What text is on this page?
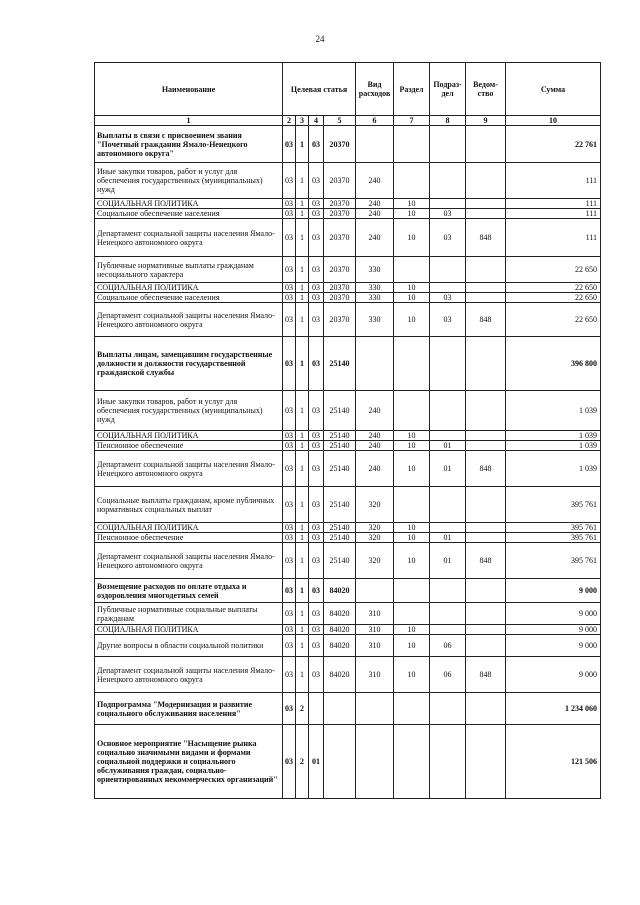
24
Наименование	Целевая статья				Вид расходов	Раздел	Подраз-дел	Ведом-ство	Сумма
1	2	3	4	5	6	7	8	9	10
Выплаты в связи с присвоением звания "Почетный гражданин Ямало-Ненецкого автономного округа"	03	1	03	20370					22 761
Иные закупки товаров, работ и услуг для обеспечения государственных (муниципальных) нужд	03	1	03	20370	240				111
СОЦИАЛЬНАЯ ПОЛИТИКА	03	1	03	20370	240	10			111
Социальное обеспечение населения	03	1	03	20370	240	10	03		111
Департамент социальной защиты населения Ямало-Ненецкого автономного округа	03	1	03	20370	240	10	03	848	111
Публичные нормативные выплаты гражданам несоциального характера	03	1	03	20370	330				22 650
СОЦИАЛЬНАЯ ПОЛИТИКА	03	1	03	20370	330	10			22 650
Социальное обеспечение населения	03	1	03	20370	330	10	03		22 650
Департамент социальной защиты населения Ямало-Ненецкого автономного округа	03	1	03	20370	330	10	03	848	22 650
Выплаты лицам, замещавшим государственные должности и должности государственной гражданской службы	03	1	03	25140					396 800
Иные закупки товаров, работ и услуг для обеспечения государственных (муниципальных) нужд	03	1	03	25140	240				1 039
СОЦИАЛЬНАЯ ПОЛИТИКА	03	1	03	25140	240	10			1 039
Пенсионное обеспечение	03	1	03	25140	240	10	01		1 039
Департамент социальной защиты населения Ямало-Ненецкого автономного округа	03	1	03	25140	240	10	01	848	1 039
Социальные выплаты гражданам, кроме публичных нормативных социальных выплат	03	1	03	25140	320				395 761
СОЦИАЛЬНАЯ ПОЛИТИКА	03	1	03	25140	320	10			395 761
Пенсионное обеспечение	03	1	03	25140	320	10	01		395 761
Департамент социальной защиты населения Ямало-Ненецкого автономного округа	03	1	03	25140	320	10	01	848	395 761
Возмещение расходов по оплате отдыха и оздоровления многодетных семей	03	1	03	84020					9 000
Публичные нормативные социальные выплаты гражданам	03	1	03	84020	310				9 000
СОЦИАЛЬНАЯ ПОЛИТИКА	03	1	03	84020	310	10			9 000
Другие вопросы в области социальной политики	03	1	03	84020	310	10	06		9 000
Департамент социальной защиты населения Ямало-Ненецкого автономного округа	03	1	03	84020	310	10	06	848	9 000
Подпрограмма "Модернизация и развитие социального обслуживания населения"	03	2							1 234 060
Основное мероприятие "Насыщение рынка социально значимыми видами и формами социальной поддержки и социального обслуживания граждан, социально-ориентированных некоммерческих организаций"	03	2	01						121 506
